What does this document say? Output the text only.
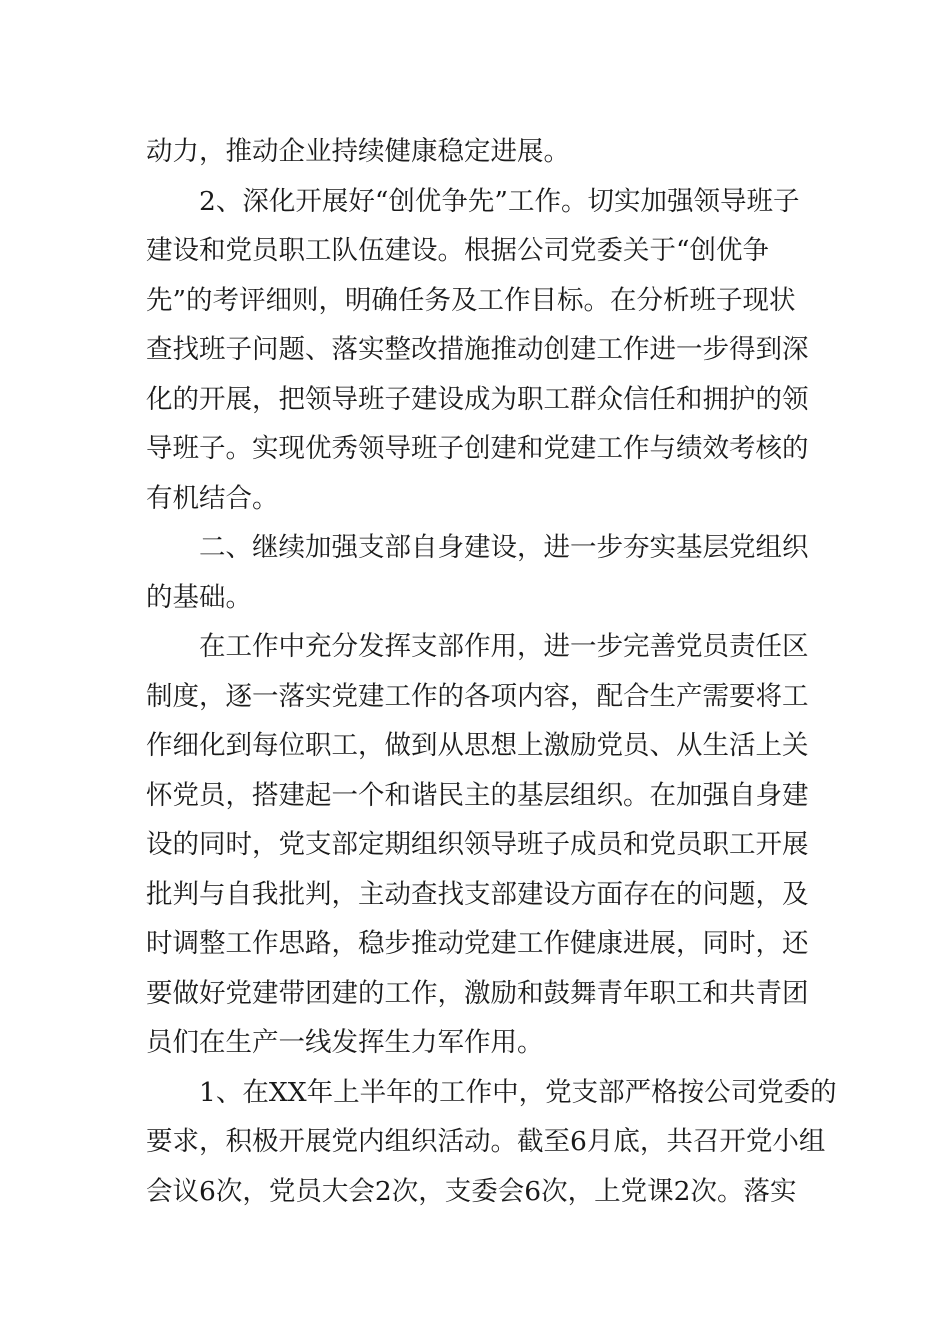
动力，推动企业持续健康稳定进展。
2、深化开展好“创优争先”工作。切实加强领导班子
建设和党员职工队伍建设。根据公司党委关于“创优争
先”的考评细则，明确任务及工作目标。在分析班子现状
查找班子问题、落实整改措施推动创建工作进一步得到深
化的开展，把领导班子建设成为职工群众信任和拥护的领
导班子。实现优秀领导班子创建和党建工作与绩效考核的
有机结合。
二、继续加强支部自身建设，进一步夯实基层党组织
的基础。
在工作中充分发挥支部作用，进一步完善党员责任区
制度，逐一落实党建工作的各项内容，配合生产需要将工
作细化到每位职工，做到从思想上激励党员、从生活上关
怀党员，搭建起一个和谐民主的基层组织。在加强自身建
设的同时，党支部定期组织领导班子成员和党员职工开展
批判与自我批判，主动查找支部建设方面存在的问题，及
时调整工作思路，稳步推动党建工作健康进展，同时，还
要做好党建带团建的工作，激励和鼓舞青年职工和共青团
员们在生产一线发挥生力军作用。
1、在XX年上半年的工作中，党支部严格按公司党委的
要求，积极开展党内组织活动。截至6月底，共召开党小组
会议6次，党员大会2次，支委会6次，上党课2次。落实
